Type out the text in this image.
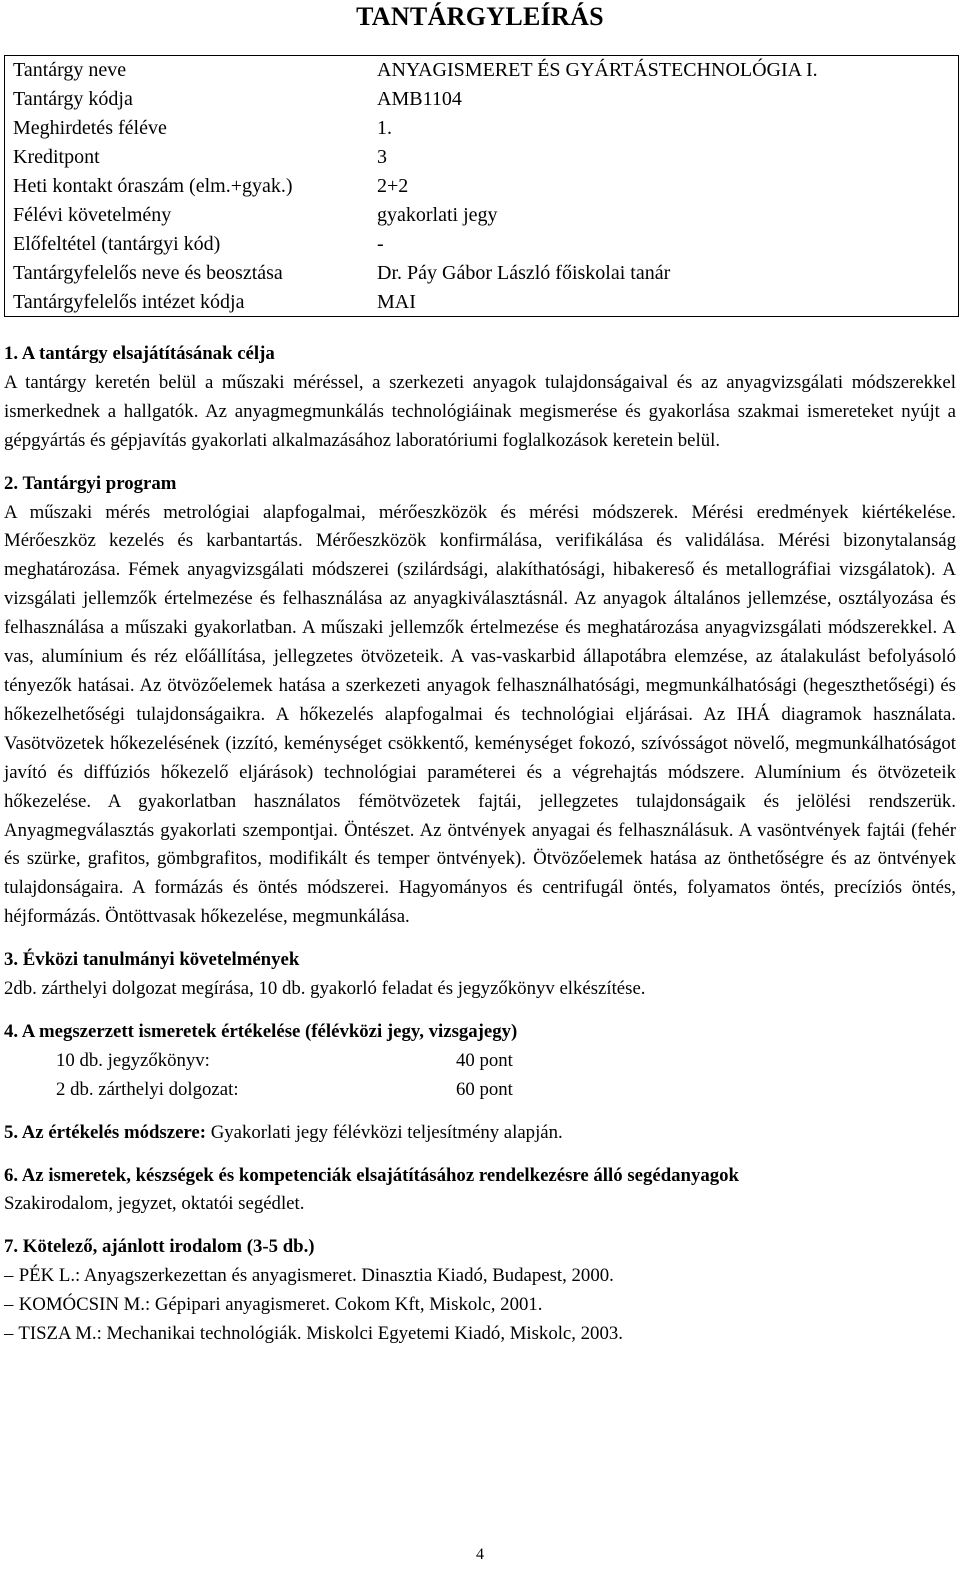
TANTÁRGYLEÍRÁS
Tantárgy neve	ANYAGISMERET ÉS GYÁRTÁSTECHNOLÓGIA I.
Tantárgy kódja	AMB1104
Meghirdetés féléve	1.
Kreditpont	3
Heti kontakt óraszám (elm.+gyak.)	2+2
Félévi követelmény	gyakorlati jegy
Előfeltétel (tantárgyi kód)	-
Tantárgyfelelős neve és beosztása	Dr. Páy Gábor László főiskolai tanár
Tantárgyfelelős intézet kódja	MAI

1. A tantárgy elsajátításának célja

A tantárgy keretén belül a műszaki méréssel, a szerkezeti anyagok tulajdonságaival és az anyagvizsgálati módszerekkel ismerkednek a hallgatók. Az anyagmegmunkálás technológiáinak megismerése és gyakorlása szakmai ismereteket nyújt a gépgyártás és gépjavítás gyakorlati alkalmazásához laboratóriumi foglalkozások keretein belül.

2. Tantárgyi program

A műszaki mérés metrológiai alapfogalmai, mérőeszközök és mérési módszerek. Mérési eredmények kiértékelése. Mérőeszköz kezelés és karbantartás. Mérőeszközök konfirmálása, verifikálása és validálása. Mérési bizonytalanság meghatározása. Fémek anyagvizsgálati módszerei (szilárdsági, alakíthatósági, hibakereső és metallográfiai vizsgálatok). A vizsgálati jellemzők értelmezése és felhasználása az anyagkiválasztásnál. Az anyagok általános jellemzése, osztályozása és felhasználása a műszaki gyakorlatban. A műszaki jellemzők értelmezése és meghatározása anyagvizsgálati módszerekkel. A vas, alumínium és réz előállítása, jellegzetes ötvözeteik. A vas-vaskarbid állapotábra elemzése, az átalakulást befolyásoló tényezők hatásai. Az ötvözőelemek hatása a szerkezeti anyagok felhasználhatósági, megmunkálhatósági (hegeszthetőségi) és hőkezelhetőségi tulajdonságaikra. A hőkezelés alapfogalmai és technológiai eljárásai. Az IHÁ diagramok használata. Vasötvözetek hőkezelésének (izzító, keménységet csökkentő, keménységet fokozó, szívósságot növelő, megmunkálhatóságot javító és diffúziós hőkezelő eljárások) technológiai paraméterei és a végrehajtás módszere. Alumínium és ötvözeteik hőkezelése. A gyakorlatban használatos fémötvözetek fajtái, jellegzetes tulajdonságaik és jelölési rendszerük. Anyagmegválasztás gyakorlati szempontjai. Öntészet. Az öntvények anyagai és felhasználásuk. A vasöntvények fajtái (fehér és szürke, grafitos, gömbgrafitos, modifikált és temper öntvények). Ötvözőelemek hatása az önthetőségre és az öntvények tulajdonságaira. A formázás és öntés módszerei. Hagyományos és centrifugál öntés, folyamatos öntés, precíziós öntés, héjformázás. Öntöttvasak hőkezelése, megmunkálása.

3. Évközi tanulmányi követelmények

2db. zárthelyi dolgozat megírása, 10 db. gyakorló feladat és jegyzőkönyv elkészítése.

4. A megszerzett ismeretek értékelése (félévközi jegy, vizsgajegy)

10 db. jegyzőkönyv:	40 pont
2 db. zárthelyi dolgozat:	60 pont

5. Az értékelés módszere: Gyakorlati jegy félévközi teljesítmény alapján.

6. Az ismeretek, készségek és kompetenciák elsajátításához rendelkezésre álló segédanyagok

Szakirodalom, jegyzet, oktatói segédlet.

7. Kötelező, ajánlott irodalom (3-5 db.)

– PÉK L.: Anyagszerkezettan és anyagismeret. Dinasztia Kiadó, Budapest, 2000.

– KOMÓCSIN M.: Gépipari anyagismeret. Cokom Kft, Miskolc, 2001.

– TISZA M.: Mechanikai technológiák. Miskolci Egyetemi Kiadó, Miskolc, 2003.

4
